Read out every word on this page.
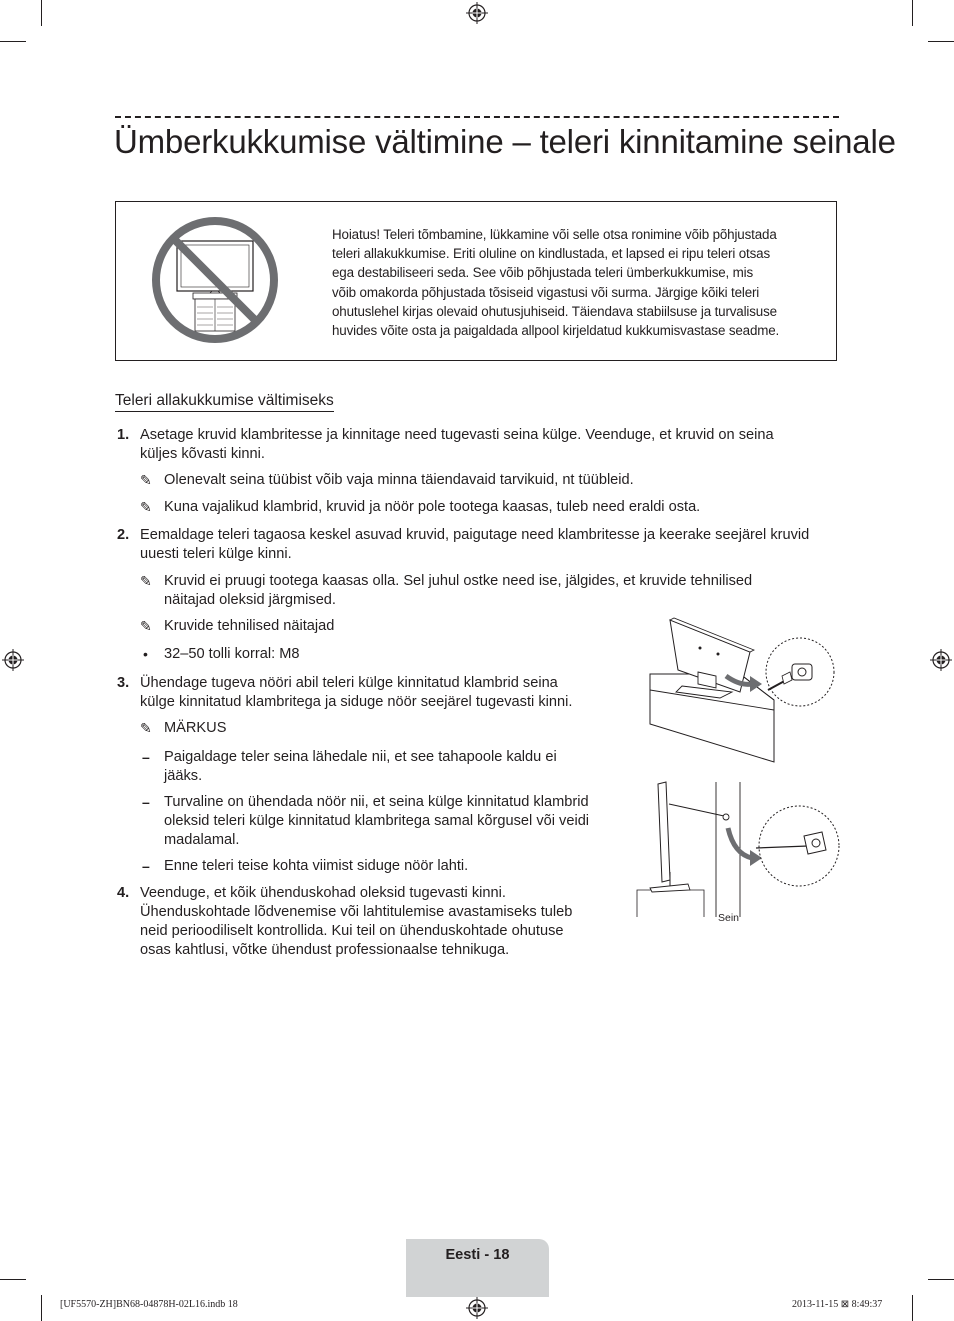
Ümberkukkumise vältimine – teleri kinnitamine seinale
Hoiatus! Teleri tõmbamine, lükkamine või selle otsa ronimine võib põhjustada
teleri allakukkumise. Eriti oluline on kindlustada, et lapsed ei ripu teleri otsas
ega destabiliseeri seda. See võib põhjustada teleri ümberkukkumise, mis
võib omakorda põhjustada tõsiseid vigastusi või surma. Järgige kõiki teleri
ohutuslehel kirjas olevaid ohutusjuhiseid. Täiendava stabiilsuse ja turvalisuse
huvides võite osta ja paigaldada allpool kirjeldatud kukkumisvastase seadme.
Teleri allakukkumise vältimiseks
1. Asetage kruvid klambritesse ja kinnitage need tugevasti seina külge. Veenduge, et kruvid on seina
küljes kõvasti kinni.
✎ Olenevalt seina tüübist võib vaja minna täiendavaid tarvikuid, nt tüübleid.
✎ Kuna vajalikud klambrid, kruvid ja nöör pole tootega kaasas, tuleb need eraldi osta.
2. Eemaldage teleri tagaosa keskel asuvad kruvid, paigutage need klambritesse ja keerake seejärel kruvid
uuesti teleri külge kinni.
✎ Kruvid ei pruugi tootega kaasas olla. Sel juhul ostke need ise, jälgides, et kruvide tehnilised
näitajad oleksid järgmised.
✎ Kruvide tehnilised näitajad
• 32–50 tolli korral: M8
3. Ühendage tugeva nööri abil teleri külge kinnitatud klambrid seina
külge kinnitatud klambritega ja siduge nöör seejärel tugevasti kinni.
✎ MÄRKUS
– Paigaldage teler seina lähedale nii, et see tahapoole kaldu ei
jääks.
– Turvaline on ühendada nöör nii, et seina külge kinnitatud klambrid
oleksid teleri külge kinnitatud klambritega samal kõrgusel või veidi
madalamal.
– Enne teleri teise kohta viimist siduge nöör lahti.
4. Veenduge, et kõik ühenduskohad oleksid tugevasti kinni.
Ühenduskohtade lõdvenemise või lahtitulemise avastamiseks tuleb
neid perioodiliselt kontrollida. Kui teil on ühenduskohtade ohutuse
osas kahtlusi, võtke ühendust professionaalse tehnikuga.
Sein
Eesti - 18
[UF5570-ZH]BN68-04878H-02L16.indb 18	2013-11-15 ⊠ 8:49:37
